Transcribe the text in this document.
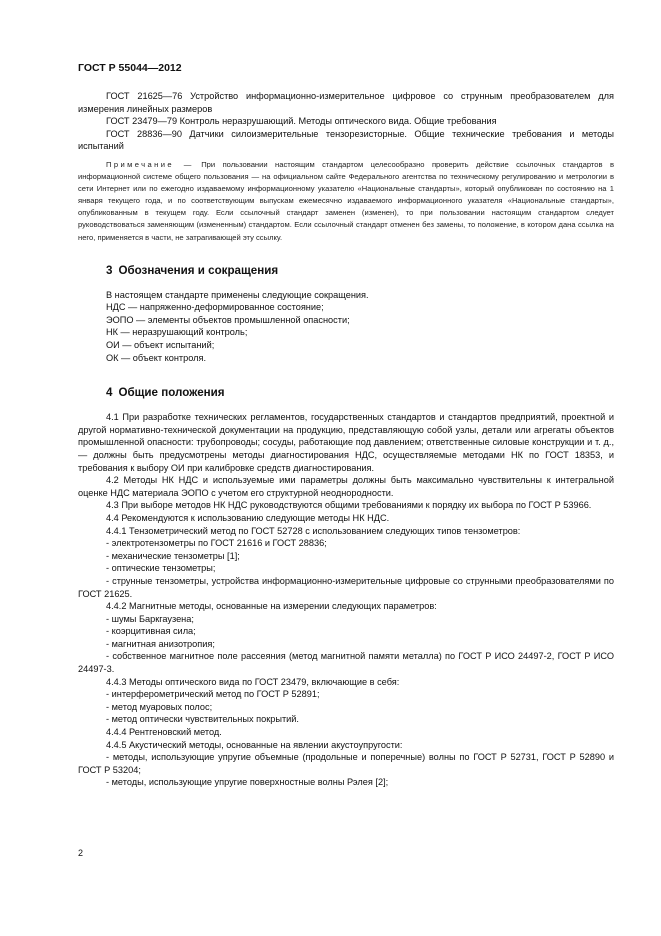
ГОСТ Р 55044—2012

ГОСТ 21625—76 Устройство информационно-измерительное цифровое со струнным преобразователем для измерения линейных размеров

ГОСТ 23479—79 Контроль неразрушающий. Методы оптического вида. Общие требования

ГОСТ 28836—90 Датчики силоизмерительные тензорезисторные. Общие технические требования и методы испытаний

Примечание — При пользовании настоящим стандартом целесообразно проверить действие ссылочных стандартов в информационной системе общего пользования — на официальном сайте Федерального агентства по техническому регулированию и метрологии в сети Интернет или по ежегодно издаваемому информационному указателю «Национальные стандарты», который опубликован по состоянию на 1 января текущего года, и по соответствующим выпускам ежемесячно издаваемого информационного указателя «Национальные стандарты», опубликованным в текущем году. Если ссылочный стандарт заменен (изменен), то при пользовании настоящим стандартом следует руководствоваться заменяющим (измененным) стандартом. Если ссылочный стандарт отменен без замены, то положение, в котором дана ссылка на него, применяется в части, не затрагивающей эту ссылку.

3 Обозначения и сокращения

В настоящем стандарте применены следующие сокращения.

НДС — напряженно-деформированное состояние;

ЭОПО — элементы объектов промышленной опасности;

НК — неразрушающий контроль;

ОИ — объект испытаний;

ОК — объект контроля.

4 Общие положения

4.1 При разработке технических регламентов, государственных стандартов и стандартов предприятий, проектной и другой нормативно-технической документации на продукцию, представляющую собой узлы, детали или агрегаты объектов промышленной опасности: трубопроводы; сосуды, работающие под давлением; ответственные силовые конструкции и т. д., — должны быть предусмотрены методы диагностирования НДС, осуществляемые методами НК по ГОСТ 18353, и требования к выбору ОИ при калибровке средств диагностирования.

4.2 Методы НК НДС и используемые ими параметры должны быть максимально чувствительны к интегральной оценке НДС материала ЭОПО с учетом его структурной неоднородности.

4.3 При выборе методов НК НДС руководствуются общими требованиями к порядку их выбора по ГОСТ Р 53966.

4.4 Рекомендуются к использованию следующие методы НК НДС.

4.4.1 Тензометрический метод по ГОСТ 52728 с использованием следующих типов тензометров:

- электротензометры по ГОСТ 21616 и ГОСТ 28836;

- механические тензометры [1];

- оптические тензометры;

- струнные тензометры, устройства информационно-измерительные цифровые со струнными преобразователями по ГОСТ 21625.

4.4.2 Магнитные методы, основанные на измерении следующих параметров:

- шумы Баркгаузена;

- коэрцитивная сила;

- магнитная анизотропия;

- собственное магнитное поле рассеяния (метод магнитной памяти металла) по ГОСТ Р ИСО 24497-2, ГОСТ Р ИСО 24497-3.

4.4.3 Методы оптического вида по ГОСТ 23479, включающие в себя:

- интерферометрический метод по ГОСТ Р 52891;

- метод муаровых полос;

- метод оптически чувствительных покрытий.

4.4.4 Рентгеновский метод.

4.4.5 Акустический методы, основанные на явлении акустоупругости:

- методы, использующие упругие объемные (продольные и поперечные) волны по ГОСТ Р 52731, ГОСТ Р 52890 и ГОСТ Р 53204;

- методы, использующие упругие поверхностные волны Рэлея [2];

2
